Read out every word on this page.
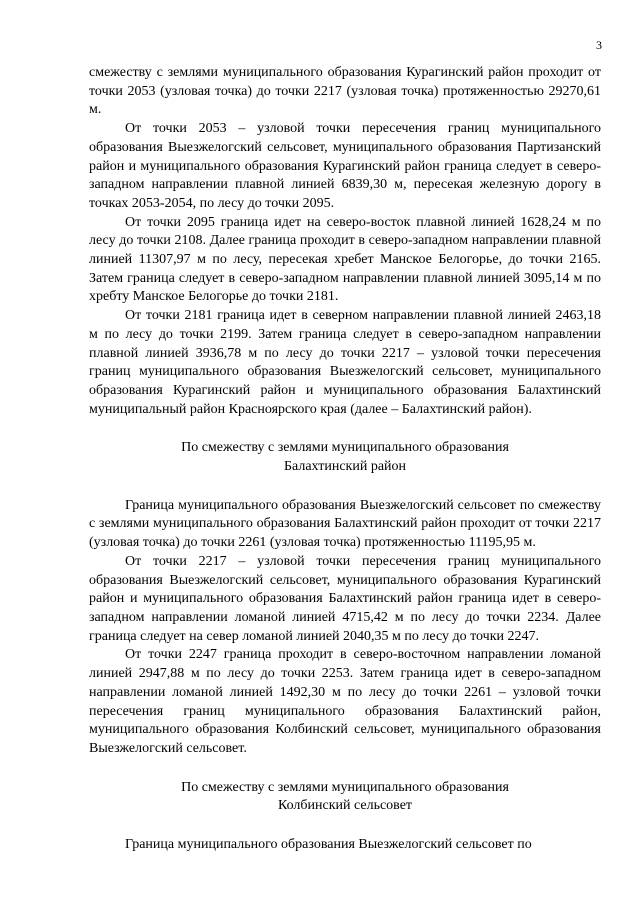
3

смежеству с землями муниципального образования Курагинский район проходит от точки 2053 (узловая точка) до точки 2217 (узловая точка) протяженностью 29270,61 м.

От точки 2053 – узловой точки пересечения границ муниципального образования Выезжелогский сельсовет, муниципального образования Партизанский район и муниципального образования Курагинский район граница следует в северо-западном направлении плавной линией 6839,30 м, пересекая железную дорогу в точках 2053-2054, по лесу до точки 2095.

От точки 2095 граница идет на северо-восток плавной линией 1628,24 м по лесу до точки 2108. Далее граница проходит в северо-западном направлении плавной линией 11307,97 м по лесу, пересекая хребет Манское Белогорье, до точки 2165. Затем граница следует в северо-западном направлении плавной линией 3095,14 м по хребту Манское Белогорье до точки 2181.

От точки 2181 граница идет в северном направлении плавной линией 2463,18 м по лесу до точки 2199. Затем граница следует в северо-западном направлении плавной линией 3936,78 м по лесу до точки 2217 – узловой точки пересечения границ муниципального образования Выезжелогский сельсовет, муниципального образования Курагинский район и муниципального образования Балахтинский муниципальный район Красноярского края (далее – Балахтинский район).

По смежеству с землями муниципального образования
Балахтинский район

Граница муниципального образования Выезжелогский сельсовет по смежеству с землями муниципального образования Балахтинский район проходит от точки 2217 (узловая точка) до точки 2261 (узловая точка) протяженностью 11195,95 м.

От точки 2217 – узловой точки пересечения границ муниципального образования Выезжелогский сельсовет, муниципального образования Курагинский район и муниципального образования Балахтинский район граница идет в северо-западном направлении ломаной линией 4715,42 м по лесу до точки 2234. Далее граница следует на север ломаной линией 2040,35 м по лесу до точки 2247.

От точки 2247 граница проходит в северо-восточном направлении ломаной линией 2947,88 м по лесу до точки 2253. Затем граница идет в северо-западном направлении ломаной линией 1492,30 м по лесу до точки 2261 – узловой точки пересечения границ муниципального образования Балахтинский район, муниципального образования Колбинский сельсовет, муниципального образования Выезжелогский сельсовет.

По смежеству с землями муниципального образования
Колбинский сельсовет

Граница муниципального образования Выезжелогский сельсовет по
